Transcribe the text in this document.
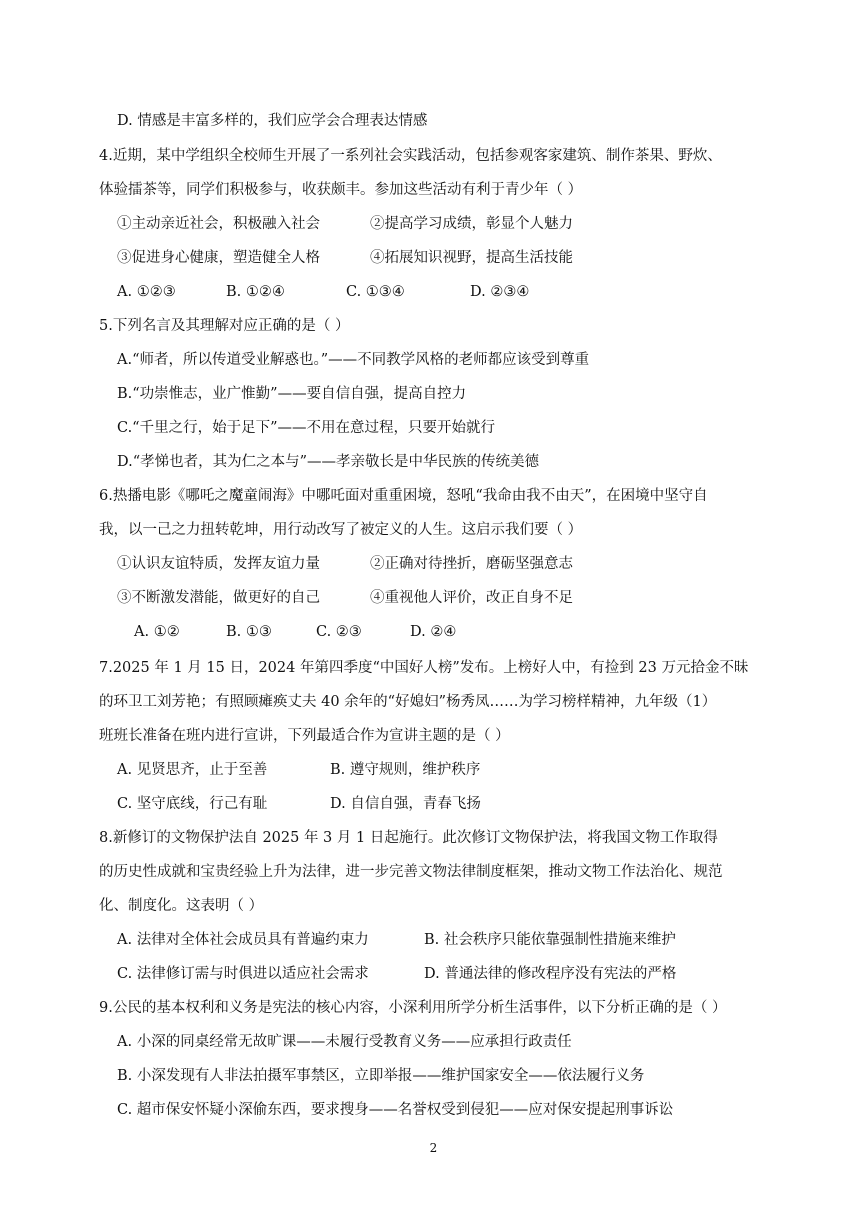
D. 情感是丰富多样的，我们应学会合理表达情感
4.近期，某中学组织全校师生开展了一系列社会实践活动，包括参观客家建筑、制作茶果、野炊、
体验擂茶等，同学们积极参与，收获颇丰。参加这些活动有利于青少年（ ）
①主动亲近社会，积极融入社会	②提高学习成绩，彰显个人魅力
③促进身心健康，塑造健全人格	④拓展知识视野，提高生活技能
A. ①②③	B. ①②④	C. ①③④	D. ②③④
5.下列名言及其理解对应正确的是（ ）
A.“师者，所以传道受业解惑也。”——不同教学风格的老师都应该受到尊重
B.“功崇惟志，业广惟勤”——要自信自强，提高自控力
C.“千里之行，始于足下”——不用在意过程，只要开始就行
D.“孝悌也者，其为仁之本与”——孝亲敬长是中华民族的传统美德
6.热播电影《哪吒之魔童闹海》中哪吒面对重重困境，怒吼“我命由我不由天”，在困境中坚守自
我，以一己之力扭转乾坤，用行动改写了被定义的人生。这启示我们要（ ）
①认识友谊特质，发挥友谊力量	②正确对待挫折，磨砺坚强意志
③不断激发潜能，做更好的自己	④重视他人评价，改正自身不足
A. ①②	B. ①③	C. ②③	D. ②④
7.2025 年 1 月 15 日，2024 年第四季度“中国好人榜”发布。上榜好人中，有捡到 23 万元拾金不昧
的环卫工刘芳艳；有照顾瘫痪丈夫 40 余年的“好媳妇”杨秀凤……为学习榜样精神，九年级（1）
班班长准备在班内进行宣讲，下列最适合作为宣讲主题的是（ ）
A. 见贤思齐，止于至善	B. 遵守规则，维护秩序
C. 坚守底线，行己有耻	D. 自信自强，青春飞扬
8.新修订的文物保护法自 2025 年 3 月 1 日起施行。此次修订文物保护法，将我国文物工作取得
的历史性成就和宝贵经验上升为法律，进一步完善文物法律制度框架，推动文物工作法治化、规范
化、制度化。这表明（ ）
A. 法律对全体社会成员具有普遍约束力	B. 社会秩序只能依靠强制性措施来维护
C. 法律修订需与时俱进以适应社会需求	D. 普通法律的修改程序没有宪法的严格
9.公民的基本权利和义务是宪法的核心内容，小深利用所学分析生活事件，以下分析正确的是（ ）
A. 小深的同桌经常无故旷课——未履行受教育义务——应承担行政责任
B. 小深发现有人非法拍摄军事禁区，立即举报——维护国家安全——依法履行义务
C. 超市保安怀疑小深偷东西，要求搜身——名誉权受到侵犯——应对保安提起刑事诉讼
2
